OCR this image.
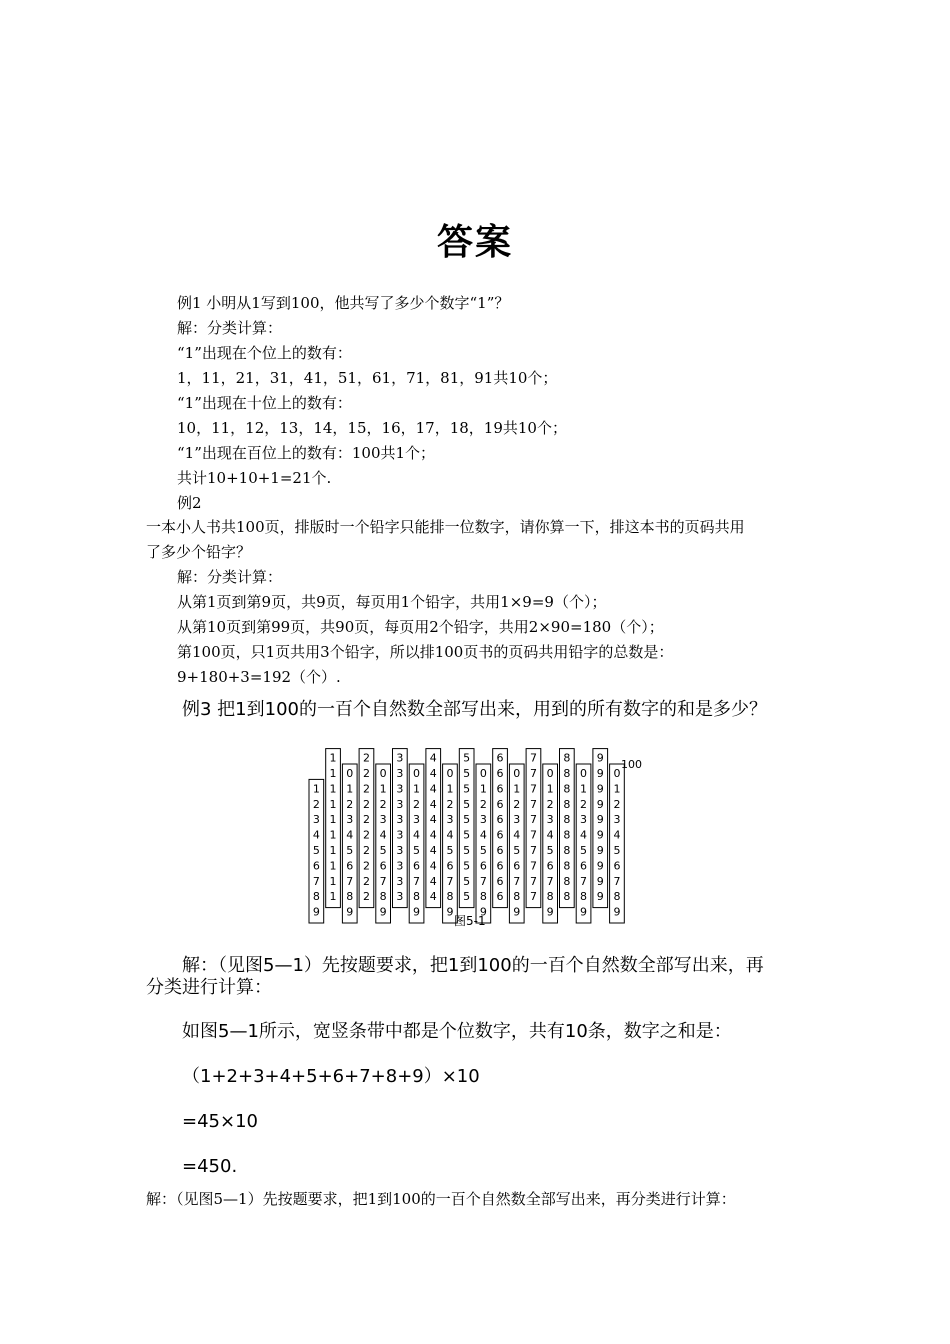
答案
例1 小明从1写到100，他共写了多少个数字“1”？
解：分类计算：
“1”出现在个位上的数有：
1，11，21，31，41，51，61，71，81，91共10个；
“1”出现在十位上的数有：
10，11，12，13，14，15，16，17，18，19共10个；
“1”出现在百位上的数有：100共1个；
共计10+10+1=21个.
例2
一本小人书共100页，排版时一个铅字只能排一位数字，请你算一下，排这本书的页码共用
了多少个铅字？
解：分类计算：
从第1页到第9页，共9页，每页用1个铅字，共用1×9=9（个）；
从第10页到第99页，共90页，每页用2个铅字，共用2×90=180（个）；
第100页，只1页共用3个铅字，所以排100页书的页码共用铅字的总数是：
9+180+3=192（个）.
例3 把1到100的一百个自然数全部写出来，用到的所有数字的和是多少？
1
2
3
4
5
6
7
8
9
1
1
1
1
1
1
1
1
1
1
0
1
2
3
4
5
6
7
8
9
2
2
2
2
2
2
2
2
2
2
0
1
2
3
4
5
6
7
8
9
3
3
3
3
3
3
3
3
3
3
0
1
2
3
4
5
6
7
8
9
4
4
4
4
4
4
4
4
4
4
0
1
2
3
4
5
6
7
8
9
5
5
5
5
5
5
5
5
5
5
0
1
2
3
4
5
6
7
8
9
6
6
6
6
6
6
6
6
6
6
0
1
2
3
4
5
6
7
8
9
7
7
7
7
7
7
7
7
7
7
0
1
2
3
4
5
6
7
8
9
8
8
8
8
8
8
8
8
8
8
0
1
2
3
4
5
6
7
8
9
9
9
9
9
9
9
9
9
9
9
0
1
2
3
4
5
6
7
8
9
100
图5-1
解：（见图5—1）先按题要求，把1到100的一百个自然数全部写出来，再
分类进行计算：
如图5—1所示，宽竖条带中都是个位数字，共有10条，数字之和是：
（1+2+3+4+5+6+7+8+9）×10
=45×10
=450.
解：（见图5—1）先按题要求，把1到100的一百个自然数全部写出来，再分类进行计算：
